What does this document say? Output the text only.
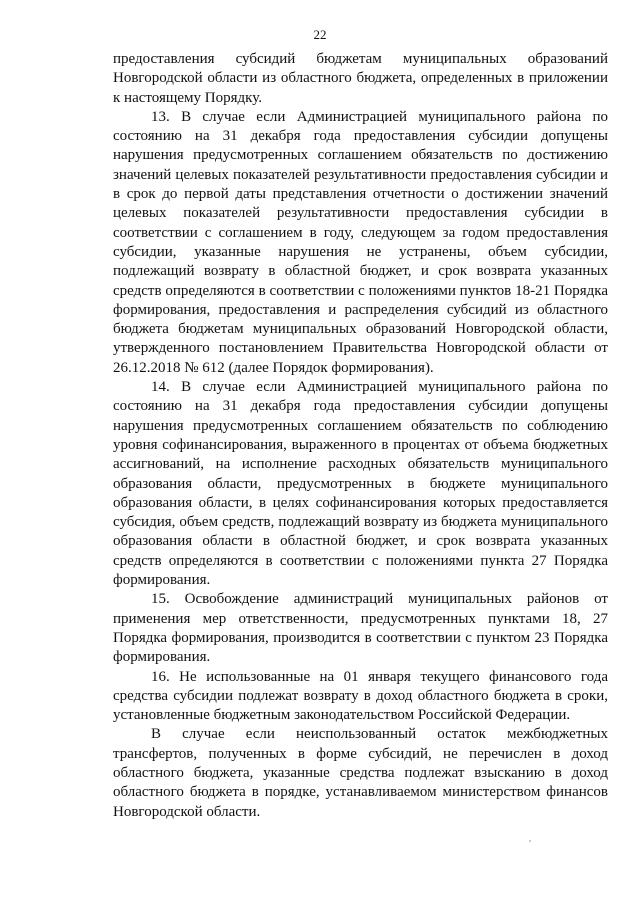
22

предоставления субсидий бюджетам муниципальных образований Новгородской области из областного бюджета, определенных в приложении к настоящему Порядку.

13. В случае если Администрацией муниципального района по состоянию на 31 декабря года предоставления субсидии допущены нарушения предусмотренных соглашением обязательств по достижению значений целевых показателей результативности предоставления субсидии и в срок до первой даты представления отчетности о достижении значений целевых показателей результативности предоставления субсидии в соответствии с соглашением в году, следующем за годом предоставления субсидии, указанные нарушения не устранены, объем субсидии, подлежащий возврату в областной бюджет, и срок возврата указанных средств определяются в соответствии с положениями пунктов 18-21 Порядка формирования, предоставления и распределения субсидий из областного бюджета бюджетам муниципальных образований Новгородской области, утвержденного постановлением Правительства Новгородской области от 26.12.2018 № 612 (далее Порядок формирования).

14. В случае если Администрацией муниципального района по состоянию на 31 декабря года предоставления субсидии допущены нарушения предусмотренных соглашением обязательств по соблюдению уровня софинансирования, выраженного в процентах от объема бюджетных ассигнований, на исполнение расходных обязательств муниципального образования области, предусмотренных в бюджете муниципального образования области, в целях софинансирования которых предоставляется субсидия, объем средств, подлежащий возврату из бюджета муниципального образования области в областной бюджет, и срок возврата указанных средств определяются в соответствии с положениями пункта 27 Порядка формирования.

15. Освобождение администраций муниципальных районов от применения мер ответственности, предусмотренных пунктами 18, 27 Порядка формирования, производится в соответствии с пунктом 23 Порядка формирования.

16. Не использованные на 01 января текущего финансового года средства субсидии подлежат возврату в доход областного бюджета в сроки, установленные бюджетным законодательством Российской Федерации.

В случае если неиспользованный остаток межбюджетных трансфертов, полученных в форме субсидий, не перечислен в доход областного бюджета, указанные средства подлежат взысканию в доход областного бюджета в порядке, устанавливаемом министерством финансов Новгородской области.
